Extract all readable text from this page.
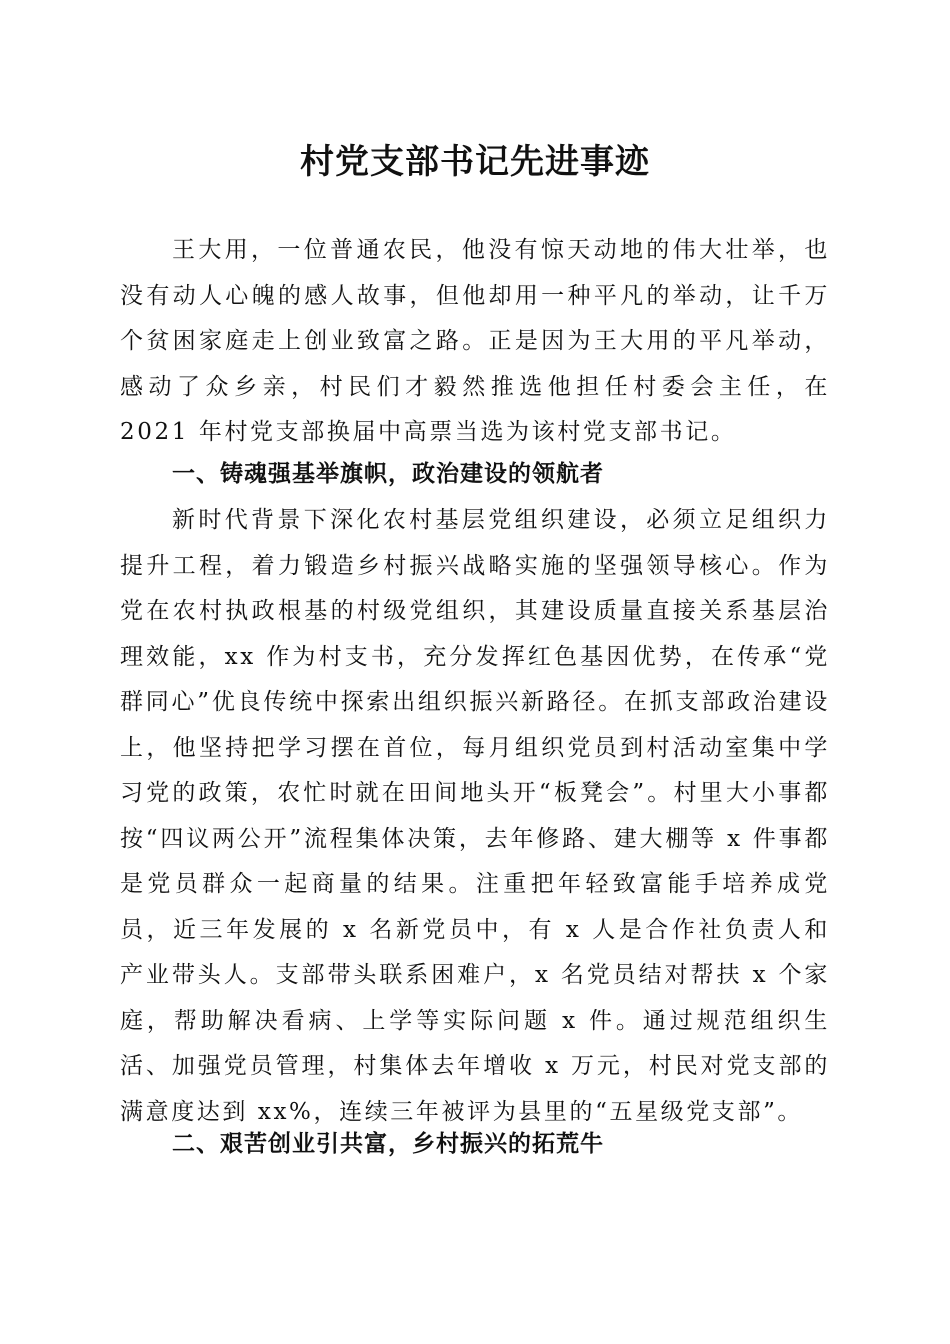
村党支部书记先进事迹

王大用，一位普通农民，他没有惊天动地的伟大壮举，也没有动人心魄的感人故事，但他却用一种平凡的举动，让千万个贫困家庭走上创业致富之路。正是因为王大用的平凡举动，感动了众乡亲，村民们才毅然推选他担任村委会主任，在 2021 年村党支部换届中高票当选为该村党支部书记。

一、铸魂强基举旗帜，政治建设的领航者

新时代背景下深化农村基层党组织建设，必须立足组织力提升工程，着力锻造乡村振兴战略实施的坚强领导核心。作为党在农村执政根基的村级党组织，其建设质量直接关系基层治理效能，xx 作为村支书，充分发挥红色基因优势，在传承“党群同心”优良传统中探索出组织振兴新路径。在抓支部政治建设上，他坚持把学习摆在首位，每月组织党员到村活动室集中学习党的政策，农忙时就在田间地头开“板凳会”。村里大小事都按“四议两公开”流程集体决策，去年修路、建大棚等 x 件事都是党员群众一起商量的结果。注重把年轻致富能手培养成党员，近三年发展的 x 名新党员中，有 x 人是合作社负责人和产业带头人。支部带头联系困难户，x 名党员结对帮扶 x 个家庭，帮助解决看病、上学等实际问题 x 件。通过规范组织生活、加强党员管理，村集体去年增收 x 万元，村民对党支部的满意度达到 xx%，连续三年被评为县里的“五星级党支部”。

二、艰苦创业引共富，乡村振兴的拓荒牛
